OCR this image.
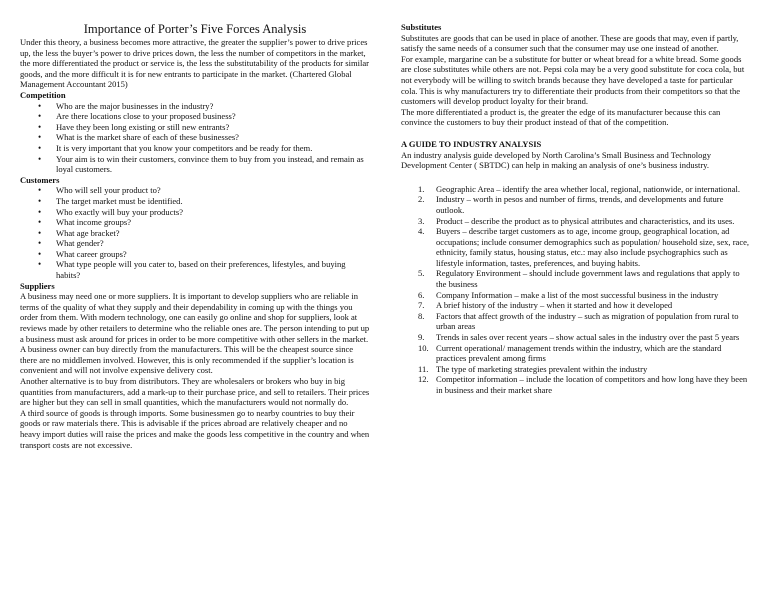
Importance of Porter’s Five Forces Analysis

Under this theory, a business becomes more attractive, the greater the supplier’s power to drive prices up, the less the buyer’s power to drive prices down, the less the number of competitors in the market, the more differentiated the product or service is, the less the substitutability of the products for similar goods, and the more difficult it is for new entrants to participate in the market. (Chartered Global Management Accountant 2015)

Competition
• Who are the major businesses in the industry?
• Are there locations close to your proposed business?
• Have they been long existing or still new entrants?
• What is the market share of each of these businesses?
• It is very important that you know your competitors and be ready for them.
• Your aim is to win their customers, convince them to buy from you instead, and remain as loyal customers.
Customers
• Who will sell your product to?
• The target market must be identified.
• Who exactly will buy your products?
• What income groups?
• What age bracket?
• What gender?
• What career groups?
• What type people will you cater to, based on their preferences, lifestyles, and buying habits?
Suppliers

A business may need one or more suppliers. It is important to develop suppliers who are reliable in terms of the quality of what they supply and their dependability in coming up with the things you order from them. With modern technology, one can easily go online and shop for suppliers, look at reviews made by other retailers to determine who the reliable ones are. The person intending to put up a business must ask around for prices in order to be more competitive with other sellers in the market.

A business owner can buy directly from the manufacturers. This will be the cheapest source since there are no middlemen involved. However, this is only recommended if the supplier’s location is convenient and will not involve expensive delivery cost.

Another alternative is to buy from distributors. They are wholesalers or brokers who buy in big quantities from manufacturers, add a mark-up to their purchase price, and sell to retailers. Their prices are higher but they can sell in small quantities, which the manufacturers would not normally do.

A third source of goods is through imports. Some businessmen go to nearby countries to buy their goods or raw materials there. This is advisable if the prices abroad are relatively cheaper and no heavy import duties will raise the prices and make the goods less competitive in the country and when transport costs are not excessive.

Substitutes

Substitutes are goods that can be used in place of another. These are goods that may, even if partly, satisfy the same needs of a consumer such that the consumer may use one instead of another.

For example, margarine can be a substitute for butter or wheat bread for a white bread. Some goods are close substitutes while others are not. Pepsi cola may be a very good substitute for coca cola, but not everybody will be willing to switch brands because they have developed a taste for particular cola. This is why manufacturers try to differentiate their products from their competitors so that the customers will develop product loyalty for their brand.

The more differentiated a product is, the greater the edge of its manufacturer because this can convince the customers to buy their product instead of that of the competition.

A GUIDE TO INDUSTRY ANALYSIS

An industry analysis guide developed by North Carolina’s Small Business and Technology Development Center ( SBTDC) can help in making an analysis of one’s business industry.

1.	Geographic Area – identify the area whether local, regional, nationwide, or international.
2.	Industry – worth in pesos and number of firms, trends, and developments and future outlook.
3.	Product – describe the product as to physical attributes and characteristics, and its uses.
4.	Buyers – describe target customers as to age, income group, geographical location, ad occupations; include consumer demographics such as population/ household size, sex, race, ethnicity, family status, housing status, etc.: may also include psychographics such as lifestyle information, tastes, preferences, and buying habits.
5.	Regulatory Environment – should include government laws and regulations that apply to the business
6.	Company Information – make a list of the most successful business in the industry
7.	A brief history of the industry – when it started and how it developed
8.	Factors that affect growth of the industry – such as migration of population from rural to urban areas
9.	Trends in sales over recent years – show actual sales in the industry over the past 5 years
10. Current operational/ management trends within the industry, which are the standard practices prevalent among firms
11. The type of marketing strategies prevalent within the industry
12. Competitor information – include the location of competitors and how long have they been in business and their market share
